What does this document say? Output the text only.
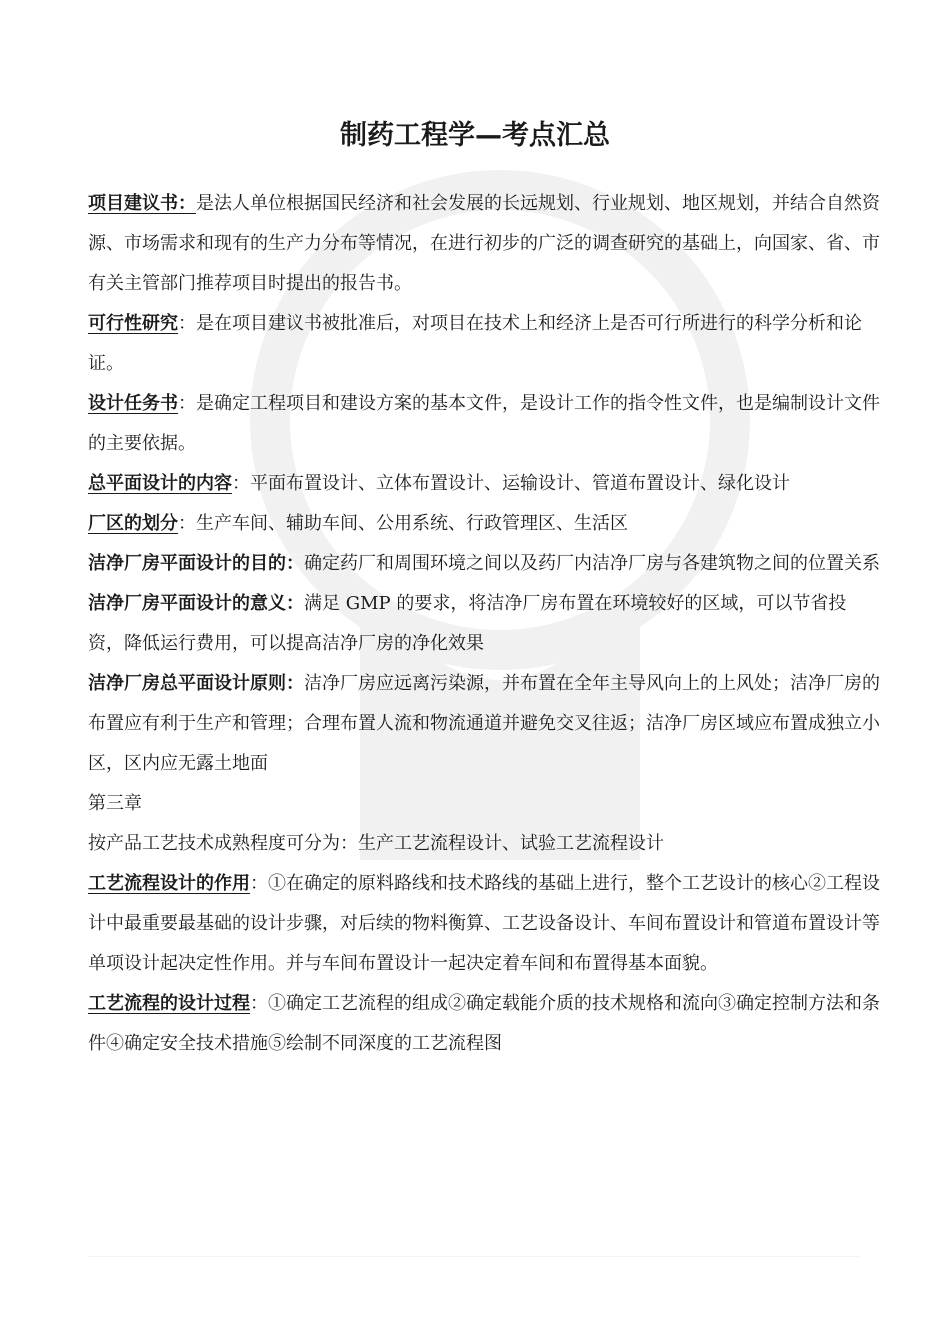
制药工程学—考点汇总

项目建议书：是法人单位根据国民经济和社会发展的长远规划、行业规划、地区规划，并结合自然资源、市场需求和现有的生产力分布等情况，在进行初步的广泛的调查研究的基础上，向国家、省、市有关主管部门推荐项目时提出的报告书。

可行性研究：是在项目建议书被批准后，对项目在技术上和经济上是否可行所进行的科学分析和论证。

设计任务书：是确定工程项目和建设方案的基本文件，是设计工作的指令性文件，也是编制设计文件的主要依据。

总平面设计的内容：平面布置设计、立体布置设计、运输设计、管道布置设计、绿化设计

厂区的划分：生产车间、辅助车间、公用系统、行政管理区、生活区

洁净厂房平面设计的目的：确定药厂和周围环境之间以及药厂内洁净厂房与各建筑物之间的位置关系

洁净厂房平面设计的意义：满足 GMP 的要求，将洁净厂房布置在环境较好的区域，可以节省投资，降低运行费用，可以提高洁净厂房的净化效果

洁净厂房总平面设计原则：洁净厂房应远离污染源，并布置在全年主导风向上的上风处；洁净厂房的布置应有利于生产和管理；合理布置人流和物流通道并避免交叉往返；洁净厂房区域应布置成独立小区，区内应无露土地面

第三章

按产品工艺技术成熟程度可分为：生产工艺流程设计、试验工艺流程设计

工艺流程设计的作用：①在确定的原料路线和技术路线的基础上进行，整个工艺设计的核心②工程设计中最重要最基础的设计步骤，对后续的物料衡算、工艺设备设计、车间布置设计和管道布置设计等单项设计起决定性作用。并与车间布置设计一起决定着车间和布置得基本面貌。

工艺流程的设计过程：①确定工艺流程的组成②确定载能介质的技术规格和流向③确定控制方法和条件④确定安全技术措施⑤绘制不同深度的工艺流程图
